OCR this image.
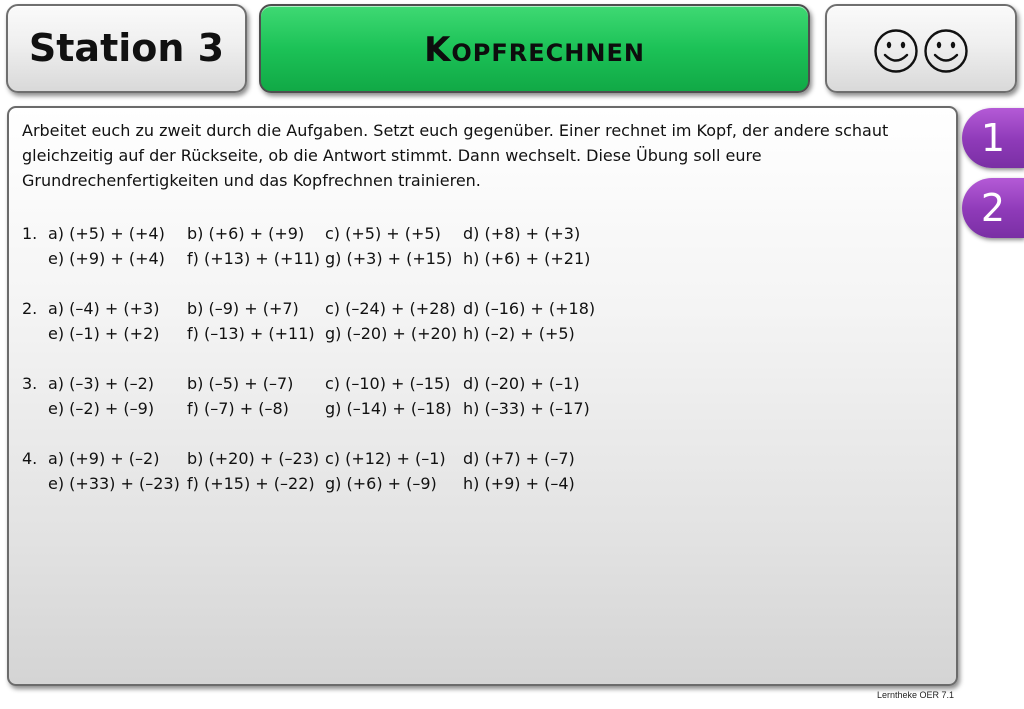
Station 3	Kopfrechnen
Arbeitet euch zu zweit durch die Aufgaben. Setzt euch gegenüber. Einer rechnet im Kopf, der andere schaut gleichzeitig auf der Rückseite, ob die Antwort stimmt. Dann wechselt. Diese Übung soll eure Grundrechenfertigkeiten und das Kopfrechnen trainieren.
1. a) (+5) + (+4) b) (+6) + (+9) c) (+5) + (+5) d) (+8) + (+3)
e) (+9) + (+4) f) (+13) + (+11) g) (+3) + (+15) h) (+6) + (+21)
2. a) (–4) + (+3) b) (–9) + (+7) c) (–24) + (+28) d) (–16) + (+18)
e) (–1) + (+2) f) (–13) + (+11) g) (–20) + (+20) h) (–2) + (+5)
3. a) (–3) + (–2) b) (–5) + (–7) c) (–10) + (–15) d) (–20) + (–1)
e) (–2) + (–9) f) (–7) + (–8) g) (–14) + (–18) h) (–33) + (–17)
4. a) (+9) + (–2) b) (+20) + (–23) c) (+12) + (–1) d) (+7) + (–7)
e) (+33) + (–23) f) (+15) + (–22) g) (+6) + (–9) h) (+9) + (–4)
1
2
Lerntheke OER 7.1
